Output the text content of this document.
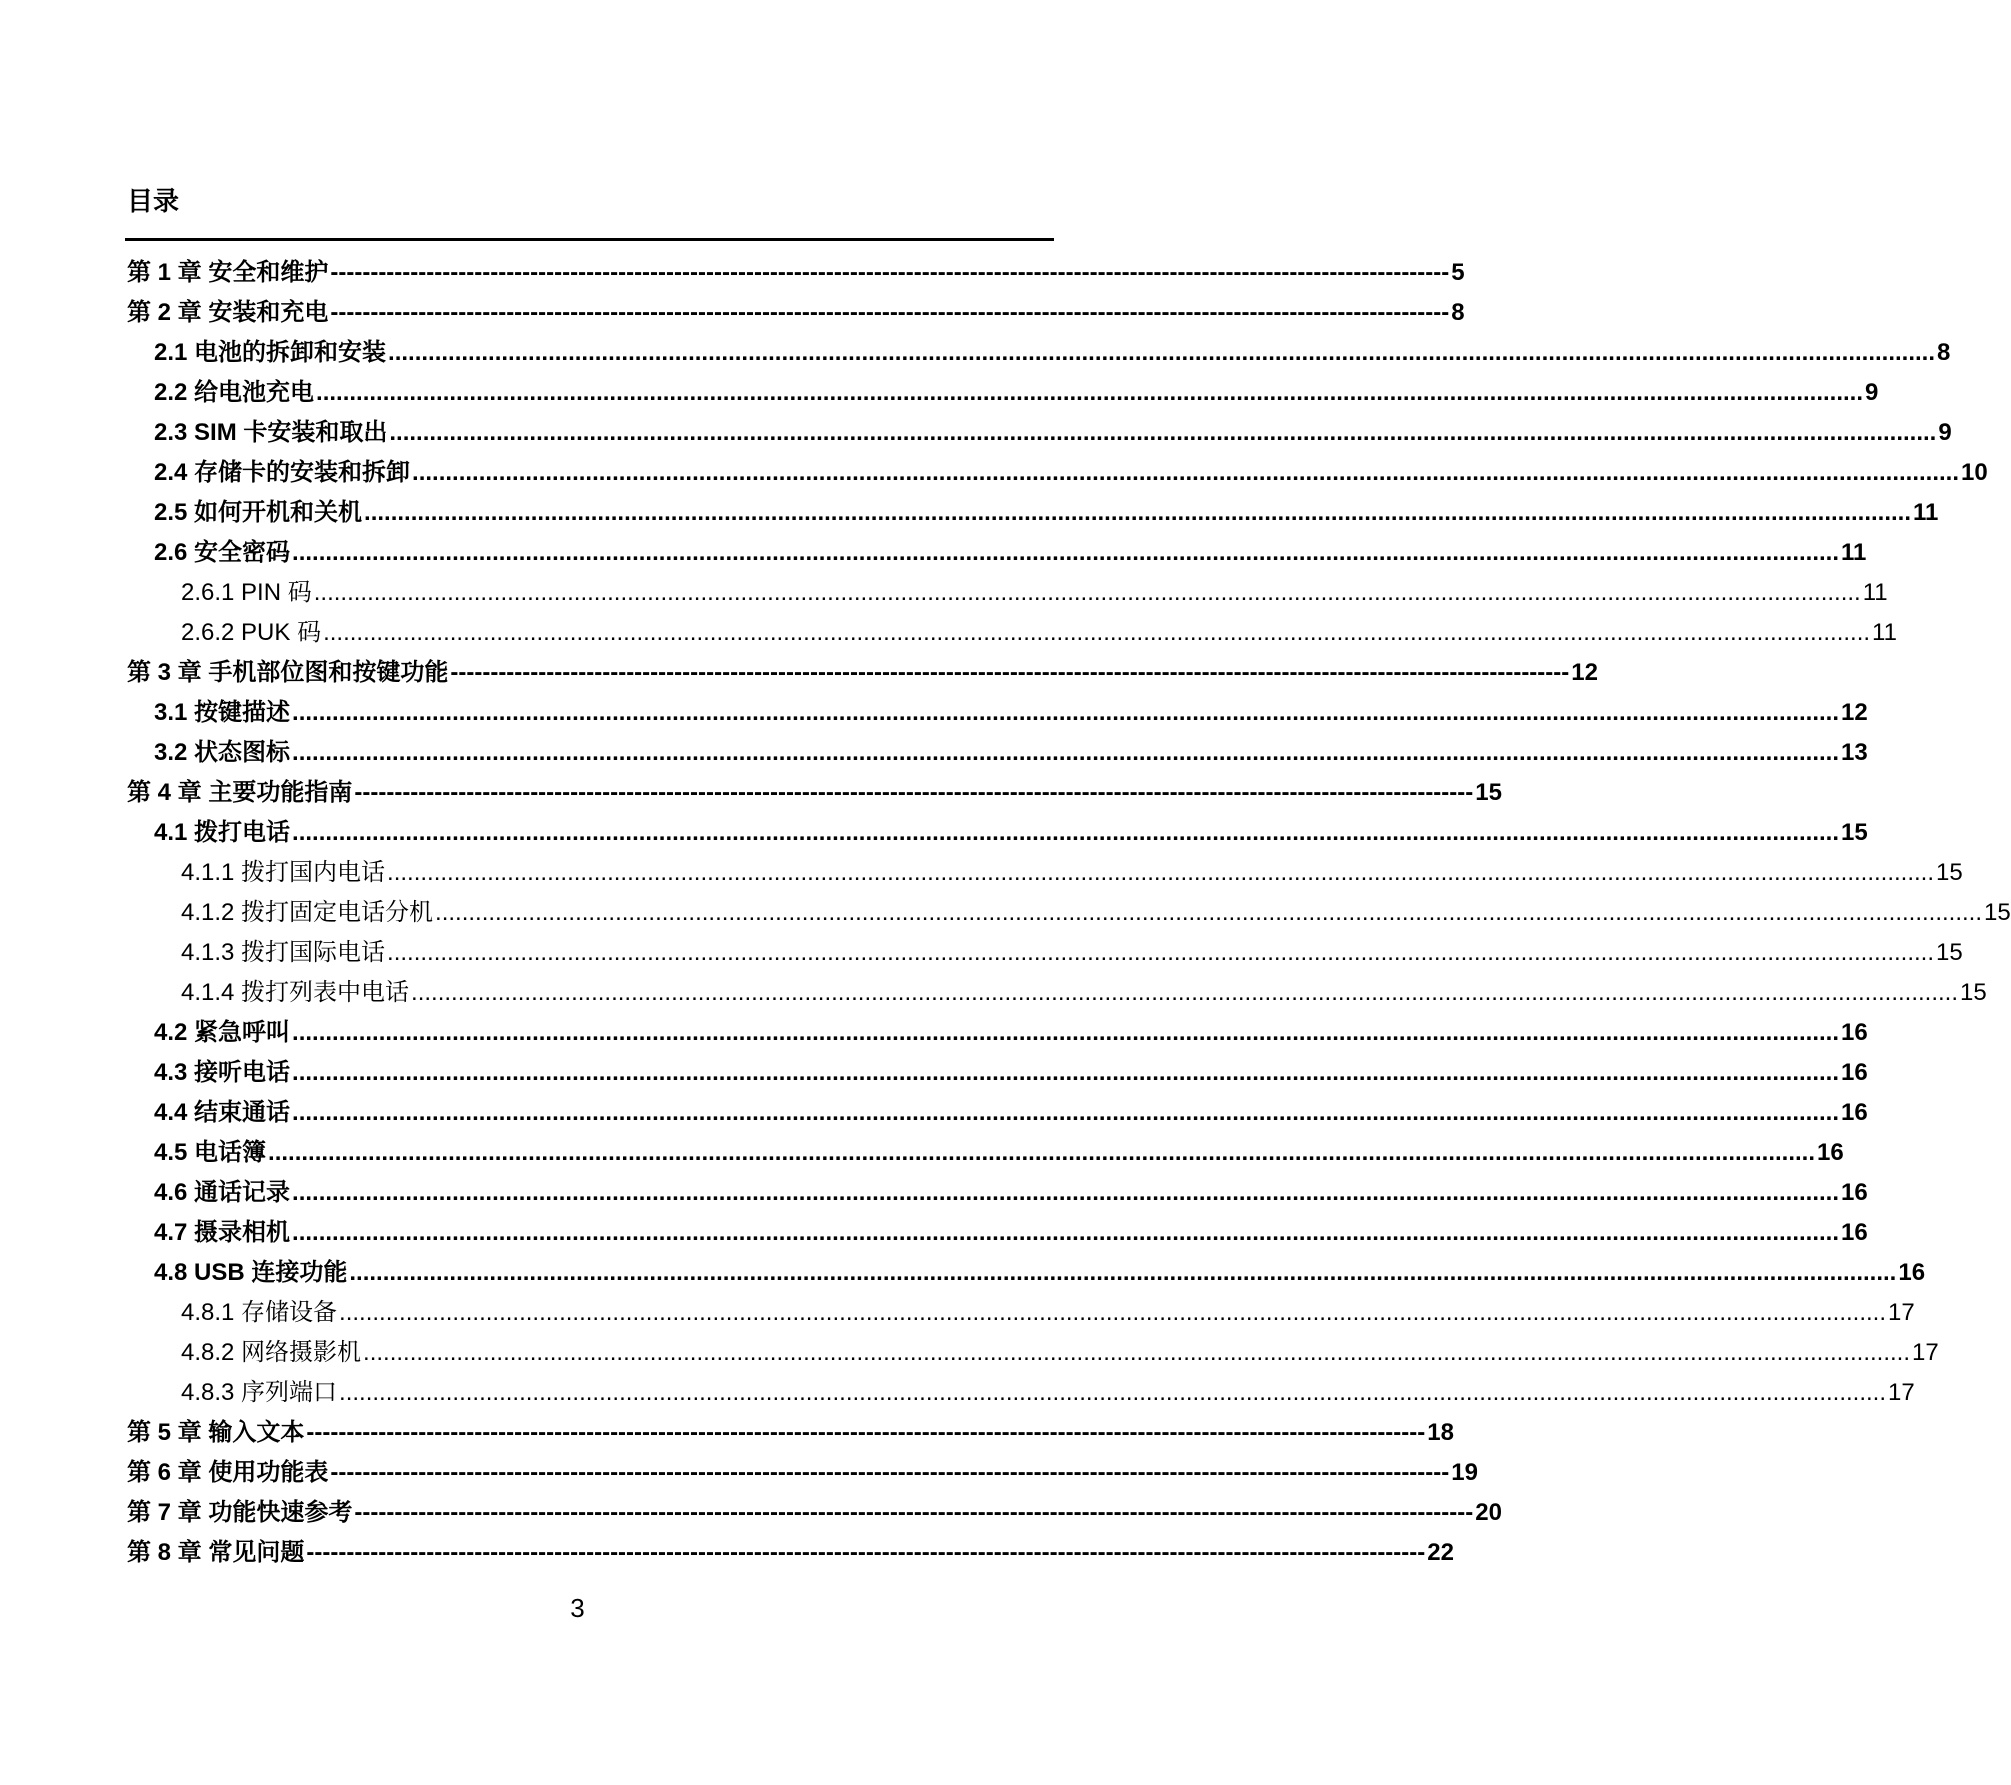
目录
第 1 章 安全和维护 -------------------------------------------------------------------------------------------------------------------------------------------- 5
第 2 章 安装和充电 -------------------------------------------------------------------------------------------------------------------------------------------- 8
2.1 电池的拆卸和安装 ........................................................................................................................................................................................................................................ 8
2.2 给电池充电 ........................................................................................................................................................................................................................................ 9
2.3 SIM 卡安装和取出 ........................................................................................................................................................................................................................................ 9
2.4 存储卡的安装和拆卸 ........................................................................................................................................................................................................................................ 10
2.5 如何开机和关机 ........................................................................................................................................................................................................................................ 11
2.6 安全密码 ........................................................................................................................................................................................................................................ 11
2.6.1 PIN 码 ........................................................................................................................................................................................................................................ 11
2.6.2 PUK 码 ........................................................................................................................................................................................................................................ 11
第 3 章 手机部位图和按键功能 -------------------------------------------------------------------------------------------------------------------------------------------- 12
3.1 按键描述 ........................................................................................................................................................................................................................................ 12
3.2 状态图标 ........................................................................................................................................................................................................................................ 13
第 4 章 主要功能指南 -------------------------------------------------------------------------------------------------------------------------------------------- 15
4.1 拨打电话 ........................................................................................................................................................................................................................................ 15
4.1.1 拨打国内电话 ........................................................................................................................................................................................................................................ 15
4.1.2 拨打固定电话分机 ........................................................................................................................................................................................................................................ 15
4.1.3 拨打国际电话 ........................................................................................................................................................................................................................................ 15
4.1.4 拨打列表中电话 ........................................................................................................................................................................................................................................ 15
4.2 紧急呼叫 ........................................................................................................................................................................................................................................ 16
4.3 接听电话 ........................................................................................................................................................................................................................................ 16
4.4 结束通话 ........................................................................................................................................................................................................................................ 16
4.5 电话簿 ........................................................................................................................................................................................................................................ 16
4.6 通话记录 ........................................................................................................................................................................................................................................ 16
4.7 摄录相机 ........................................................................................................................................................................................................................................ 16
4.8 USB 连接功能 ........................................................................................................................................................................................................................................ 16
4.8.1 存储设备 ........................................................................................................................................................................................................................................ 17
4.8.2 网络摄影机 ........................................................................................................................................................................................................................................ 17
4.8.3 序列端口 ........................................................................................................................................................................................................................................ 17
第 5 章 输入文本 -------------------------------------------------------------------------------------------------------------------------------------------- 18
第 6 章 使用功能表 -------------------------------------------------------------------------------------------------------------------------------------------- 19
第 7 章 功能快速参考 -------------------------------------------------------------------------------------------------------------------------------------------- 20
第 8 章 常见问题 -------------------------------------------------------------------------------------------------------------------------------------------- 22
3
